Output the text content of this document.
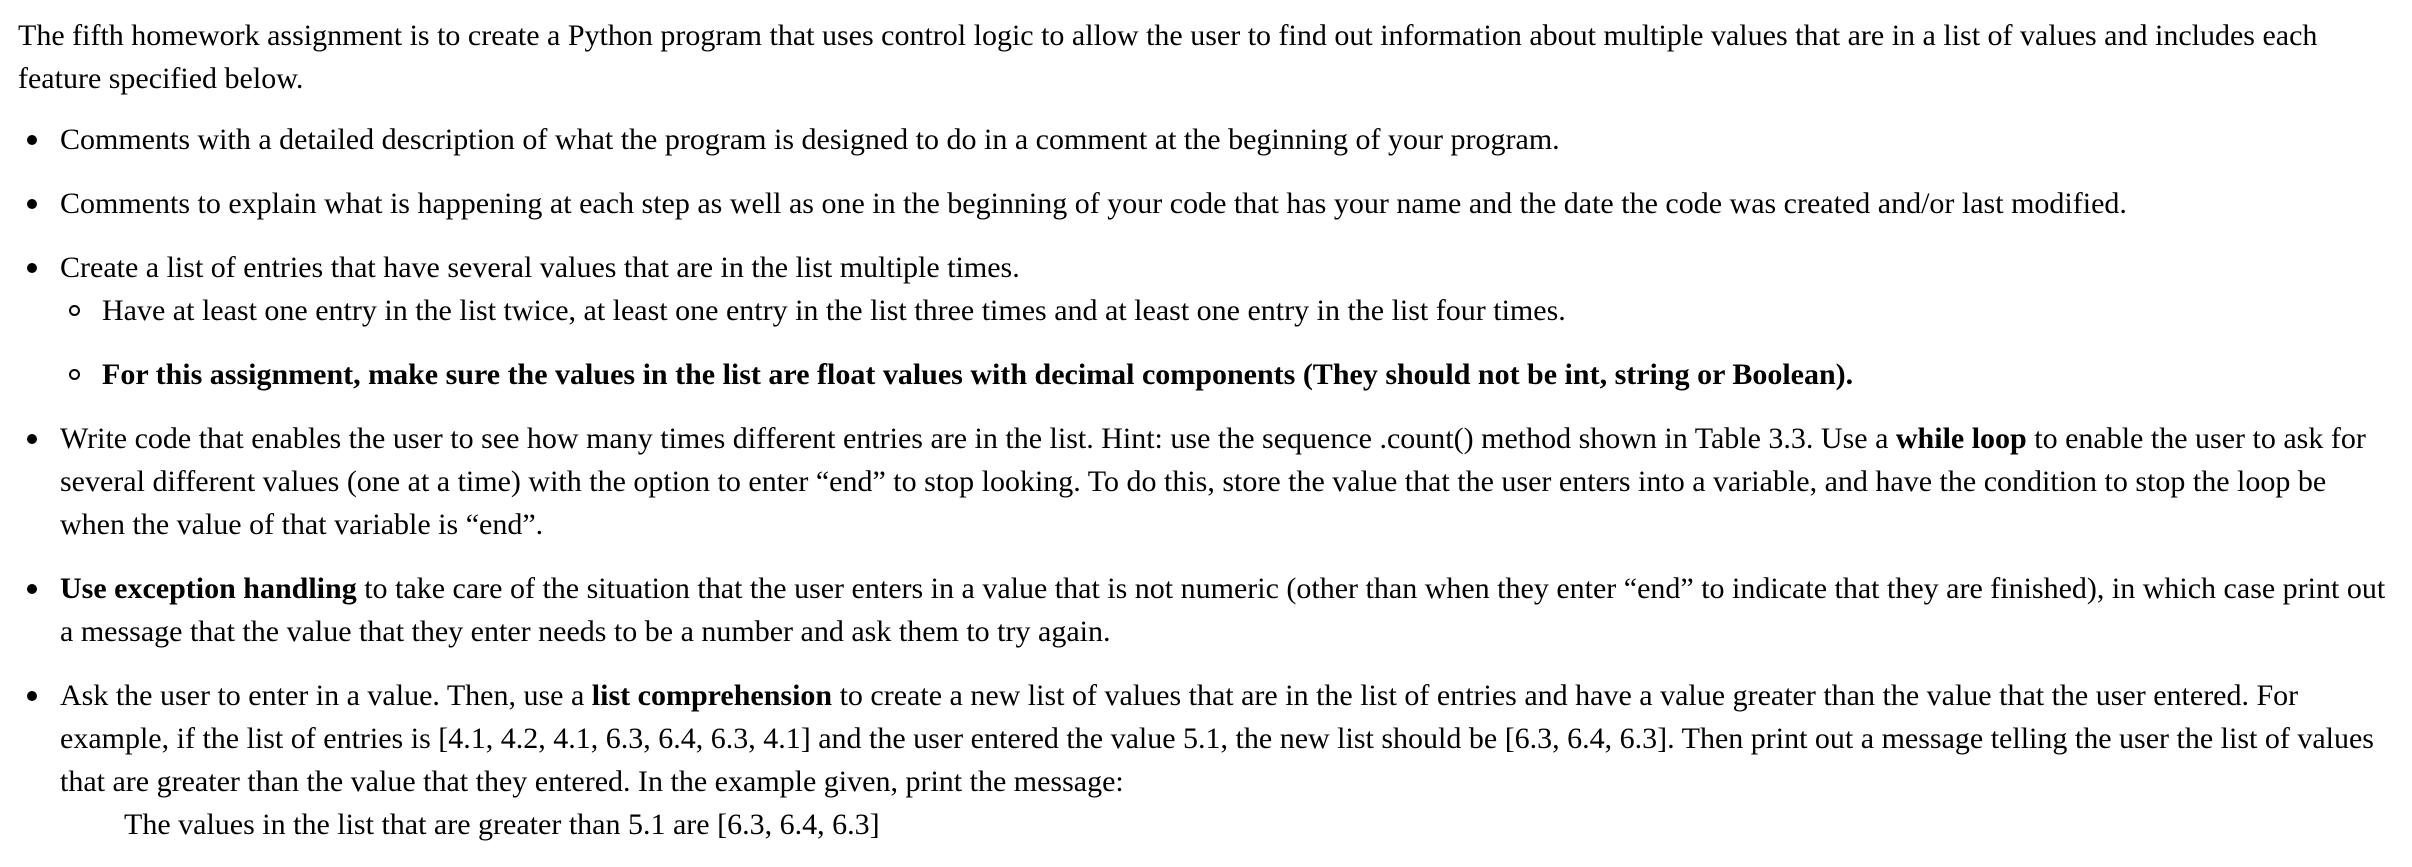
The fifth homework assignment is to create a Python program that uses control logic to allow the user to find out information about multiple values that are in a list of values and includes each feature specified below.

Comments with a detailed description of what the program is designed to do in a comment at the beginning of your program.
Comments to explain what is happening at each step as well as one in the beginning of your code that has your name and the date the code was created and/or last modified.
Create a list of entries that have several values that are in the list multiple times.
Have at least one entry in the list twice, at least one entry in the list three times and at least one entry in the list four times.
For this assignment, make sure the values in the list are float values with decimal components (They should not be int, string or Boolean).
Write code that enables the user to see how many times different entries are in the list. Hint: use the sequence .count() method shown in Table 3.3. Use a while loop to enable the user to ask for several different values (one at a time) with the option to enter “end” to stop looking. To do this, store the value that the user enters into a variable, and have the condition to stop the loop be when the value of that variable is “end”.
Use exception handling to take care of the situation that the user enters in a value that is not numeric (other than when they enter “end” to indicate that they are finished), in which case print out a message that the value that they enter needs to be a number and ask them to try again.
Ask the user to enter in a value. Then, use a list comprehension to create a new list of values that are in the list of entries and have a value greater than the value that the user entered. For example, if the list of entries is [4.1, 4.2, 4.1, 6.3, 6.4, 6.3, 4.1] and the user entered the value 5.1, the new list should be [6.3, 6.4, 6.3]. Then print out a message telling the user the list of values that are greater than the value that they entered. In the example given, print the message:
The values in the list that are greater than 5.1 are [6.3, 6.4, 6.3]
